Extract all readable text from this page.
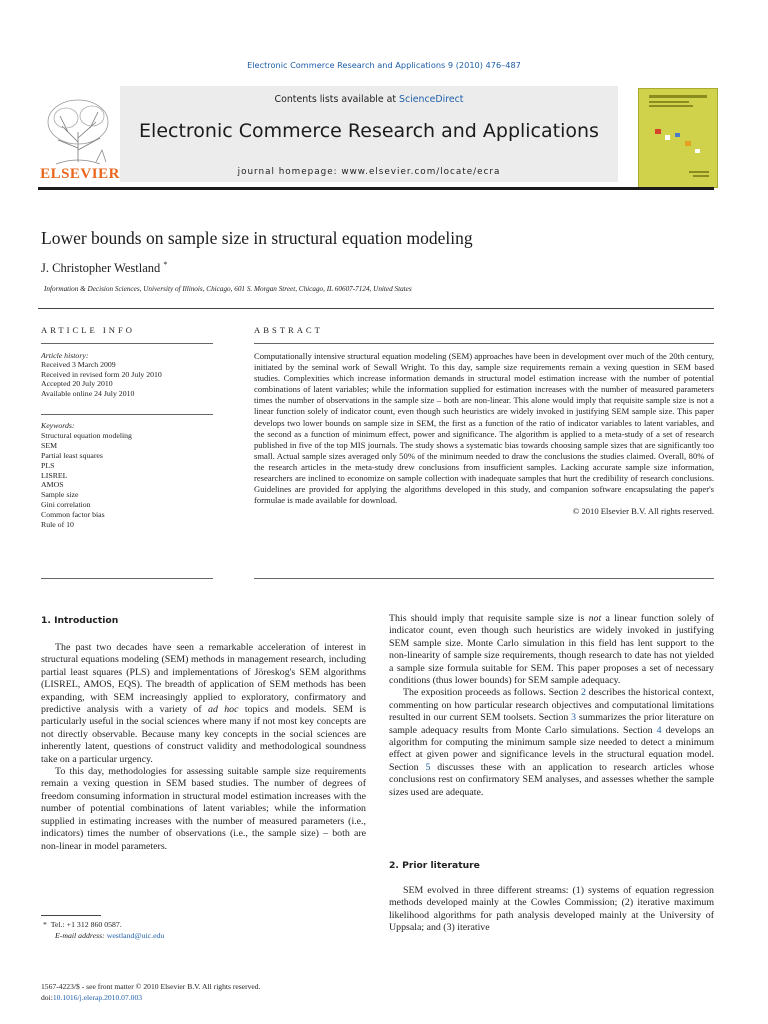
Electronic Commerce Research and Applications 9 (2010) 476–487
ELSEVIER
Contents lists available at ScienceDirect
Electronic Commerce Research and Applications
journal homepage: www.elsevier.com/locate/ecra
Lower bounds on sample size in structural equation modeling
J. Christopher Westland *
Information & Decision Sciences, University of Illinois, Chicago, 601 S. Morgan Street, Chicago, IL 60607-7124, United States
ARTICLE INFO	ABSTRACT
Article history:
Received 3 March 2009
Received in revised form 20 July 2010
Accepted 20 July 2010
Available online 24 July 2010
Keywords:
Structural equation modeling
SEM
Partial least squares
PLS
LISREL
AMOS
Sample size
Gini correlation
Common factor bias
Rule of 10
Computationally intensive structural equation modeling (SEM) approaches have been in development over much of the 20th century, initiated by the seminal work of Sewall Wright. To this day, sample size requirements remain a vexing question in SEM based studies. Complexities which increase information demands in structural model estimation increase with the number of potential combinations of latent variables; while the information supplied for estimation increases with the number of measured parameters times the number of observations in the sample size – both are non-linear. This alone would imply that requisite sample size is not a linear function solely of indicator count, even though such heuristics are widely invoked in justifying SEM sample size. This paper develops two lower bounds on sample size in SEM, the first as a function of the ratio of indicator variables to latent variables, and the second as a function of minimum effect, power and significance. The algorithm is applied to a meta-study of a set of research published in five of the top MIS journals. The study shows a systematic bias towards choosing sample sizes that are significantly too small. Actual sample sizes averaged only 50% of the minimum needed to draw the conclusions the studies claimed. Overall, 80% of the research articles in the meta-study drew conclusions from insufficient samples. Lacking accurate sample size information, researchers are inclined to economize on sample collection with inadequate samples that hurt the credibility of research conclusions. Guidelines are provided for applying the algorithms developed in this study, and companion software encapsulating the paper's formulae is made available for download.
© 2010 Elsevier B.V. All rights reserved.
1. Introduction

The past two decades have seen a remarkable acceleration of interest in structural equations modeling (SEM) methods in management research, including partial least squares (PLS) and implementations of Jöreskog's SEM algorithms (LISREL, AMOS, EQS). The breadth of application of SEM methods has been expanding, with SEM increasingly applied to exploratory, confirmatory and predictive analysis with a variety of ad hoc topics and models. SEM is particularly useful in the social sciences where many if not most key concepts are not directly observable. Because many key concepts in the social sciences are inherently latent, questions of construct validity and methodological soundness take on a particular urgency.

To this day, methodologies for assessing suitable sample size requirements remain a vexing question in SEM based studies. The number of degrees of freedom consuming information in structural model estimation increases with the number of potential combinations of latent variables; while the information supplied in estimating increases with the number of measured parameters (i.e., indicators) times the number of observations (i.e., the sample size) – both are non-linear in model parameters.

This should imply that requisite sample size is not a linear function solely of indicator count, even though such heuristics are widely invoked in justifying SEM sample size. Monte Carlo simulation in this field has lent support to the non-linearity of sample size requirements, though research to date has not yielded a sample size formula suitable for SEM. This paper proposes a set of necessary conditions (thus lower bounds) for SEM sample adequacy.

The exposition proceeds as follows. Section 2 describes the historical context, commenting on how particular research objectives and computational limitations resulted in our current SEM toolsets. Section 3 summarizes the prior literature on sample adequacy results from Monte Carlo simulations. Section 4 develops an algorithm for computing the minimum sample size needed to detect a minimum effect at given power and significance levels in the structural equation model. Section 5 discusses these with an application to research articles whose conclusions rest on confirmatory SEM analyses, and assesses whether the sample sizes used are adequate.

2. Prior literature

SEM evolved in three different streams: (1) systems of equation regression methods developed mainly at the Cowles Commission; (2) iterative maximum likelihood algorithms for path analysis developed mainly at the University of Uppsala; and (3) iterative

* Tel.: +1 312 860 0587.
E-mail address: westland@uic.edu
1567-4223/$ - see front matter © 2010 Elsevier B.V. All rights reserved.
doi:10.1016/j.elerap.2010.07.003
